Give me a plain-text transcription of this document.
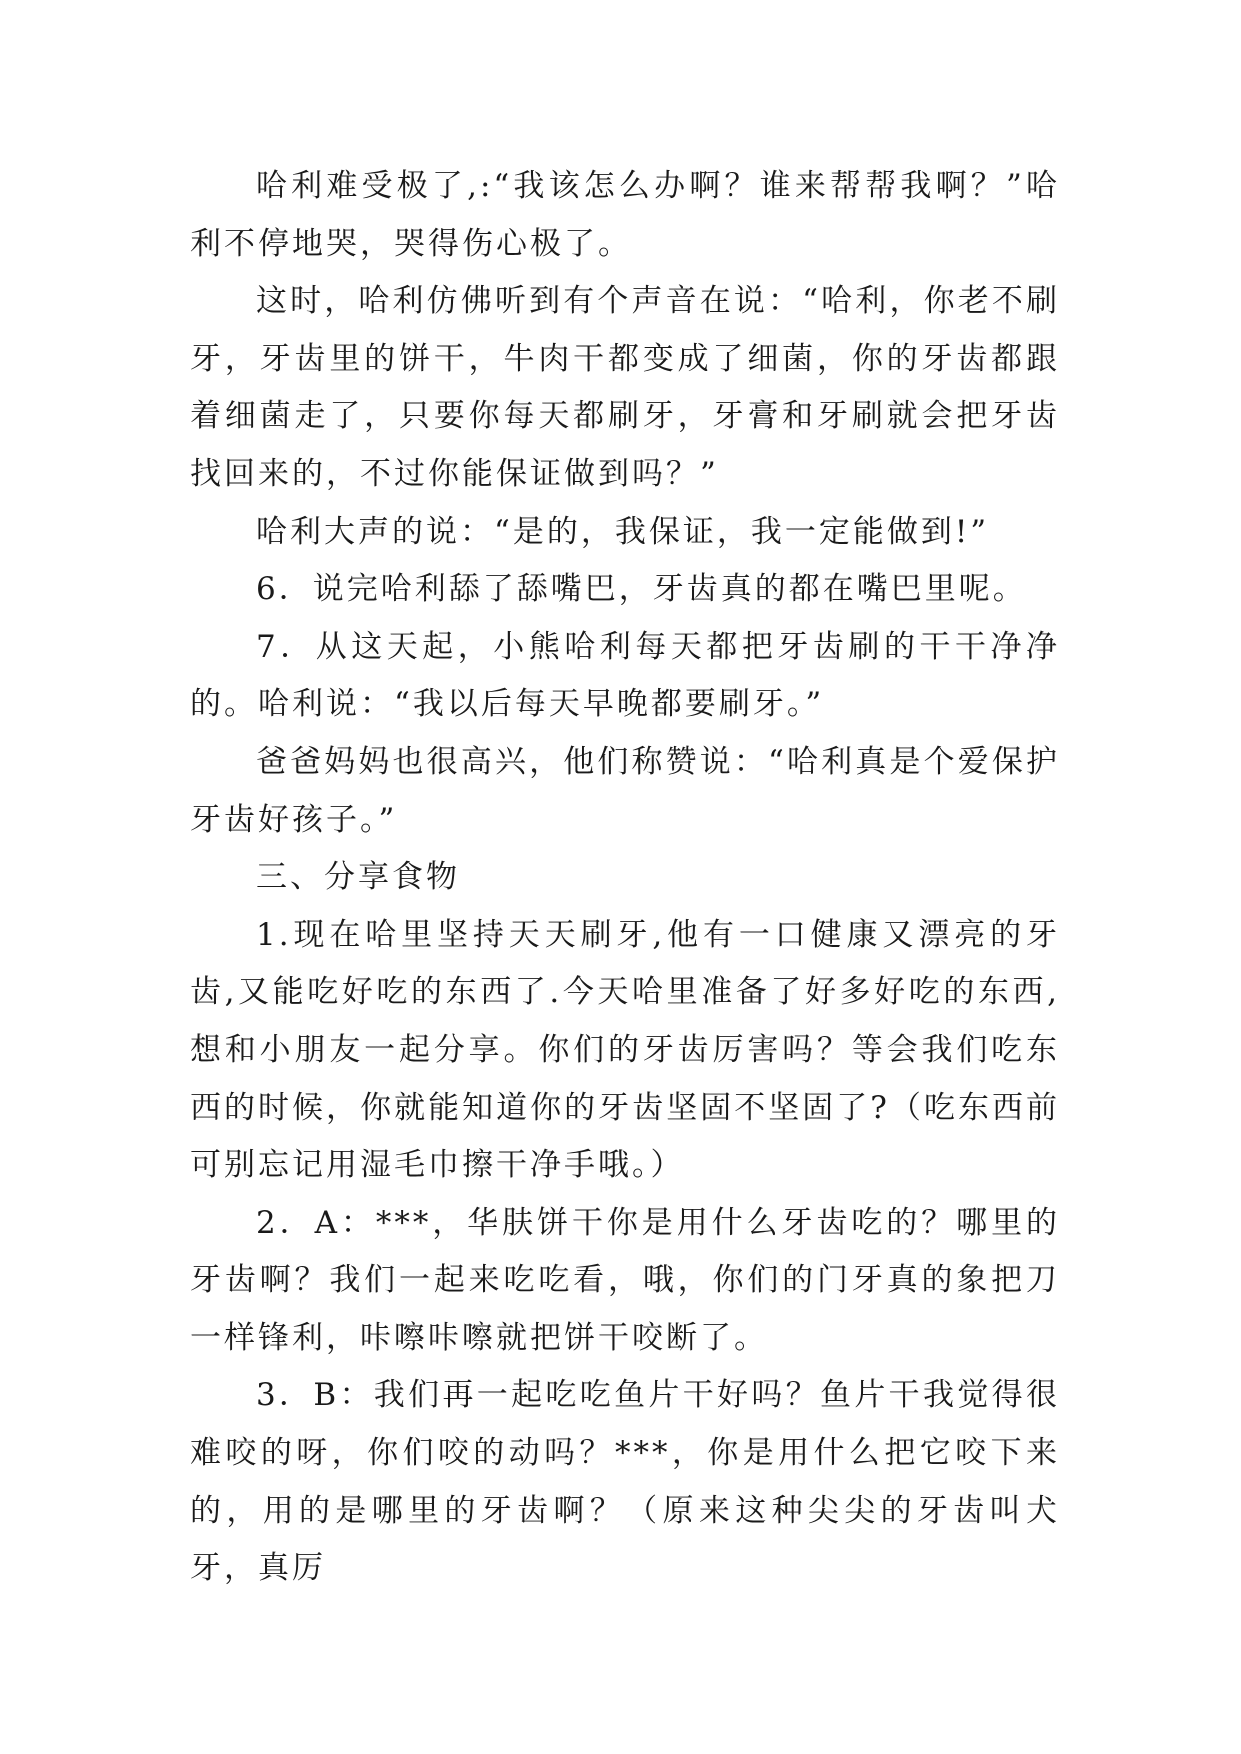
哈利难受极了,:“我该怎么办啊？谁来帮帮我啊？”哈利不停地哭，哭得伤心极了。

这时，哈利仿佛听到有个声音在说：“哈利，你老不刷牙，牙齿里的饼干，牛肉干都变成了细菌，你的牙齿都跟着细菌走了，只要你每天都刷牙，牙膏和牙刷就会把牙齿找回来的，不过你能保证做到吗？”

哈利大声的说：“是的，我保证，我一定能做到!”

6．说完哈利舔了舔嘴巴，牙齿真的都在嘴巴里呢。

7．从这天起，小熊哈利每天都把牙齿刷的干干净净的。哈利说：“我以后每天早晚都要刷牙。”

爸爸妈妈也很高兴，他们称赞说：“哈利真是个爱保护牙齿好孩子。”

三、分享食物

1.现在哈里坚持天天刷牙,他有一口健康又漂亮的牙齿,又能吃好吃的东西了.今天哈里准备了好多好吃的东西,想和小朋友一起分享。你们的牙齿厉害吗？等会我们吃东西的时候，你就能知道你的牙齿坚固不坚固了?（吃东西前可别忘记用湿毛巾擦干净手哦。）

2．A：***，华肤饼干你是用什么牙齿吃的？哪里的牙齿啊？我们一起来吃吃看，哦，你们的门牙真的象把刀一样锋利，咔嚓咔嚓就把饼干咬断了。

3．B：我们再一起吃吃鱼片干好吗？鱼片干我觉得很难咬的呀，你们咬的动吗？***，你是用什么把它咬下来的，用的是哪里的牙齿啊？（原来这种尖尖的牙齿叫犬牙，真厉
